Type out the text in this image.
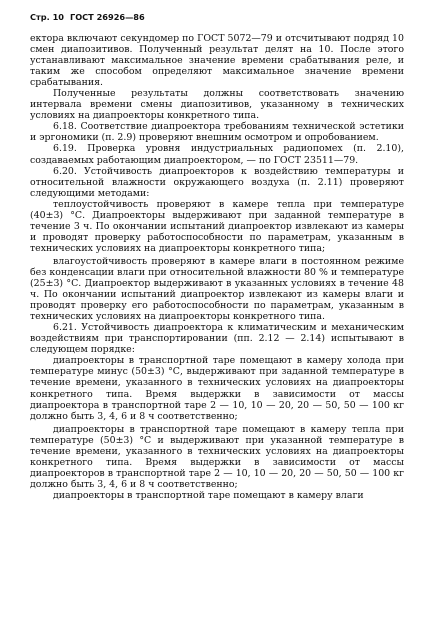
Стр. 10 ГОСТ 26926—86

ектора включают секундомер по ГОСТ 5072—79 и отсчитывают подряд 10 смен диапозитивов. Полученный результат делят на 10. После этого устанавливают максимальное значение времени срабатывания реле, и таким же способом определяют максимальное значение времени срабатывания.

Полученные результаты должны соответствовать значению интервала времени смены диапозитивов, указанному в технических условиях на диапроекторы конкретного типа.

6.18. Соответствие диапроектора требованиям технической эстетики и эргономики (п. 2.9) проверяют внешним осмотром и опробованием.

6.19. Проверка уровня индустриальных радиопомех (п. 2.10), создаваемых работающим диапроектором, — по ГОСТ 23511—79.

6.20. Устойчивость диапроекторов к воздействию температуры и относительной влажности окружающего воздуха (п. 2.11) проверяют следующими методами:

теплоустойчивость проверяют в камере тепла при температуре (40±3) °С. Диапроекторы выдерживают при заданной температуре в течение 3 ч. По окончании испытаний диапроектор извлекают из камеры и проводят проверку работоспособности по параметрам, указанным в технических условиях на диапроекторы конкретного типа;

влагоустойчивость проверяют в камере влаги в постоянном режиме без конденсации влаги при относительной влажности 80 % и температуре (25±3) °С. Диапроектор выдерживают в указанных условиях в течение 48 ч. По окончании испытаний диапроектор извлекают из камеры влаги и проводят проверку его работоспособности по параметрам, указанным в технических условиях на диапроекторы конкретного типа.

6.21. Устойчивость диапроектора к климатическим и механическим воздействиям при транспортировании (пп. 2.12 — 2.14) испытывают в следующем порядке:

диапроекторы в транспортной таре помещают в камеру холода при температуре минус (50±3) °С, выдерживают при заданной температуре в течение времени, указанного в технических условиях на диапроекторы конкретного типа. Время выдержки в зависимости от массы диапроектора в транспортной таре 2 — 10, 10 — 20, 20 — 50, 50 — 100 кг должно быть 3, 4, 6 и 8 ч соответственно;

диапроекторы в транспортной таре помещают в камеру тепла при температуре (50±3) °С и выдерживают при указанной температуре в течение времени, указанного в технических условиях на диапроекторы конкретного типа. Время выдержки в зависимости от массы диапроекторов в транспортной таре 2 — 10, 10 — 20, 20 — 50, 50 — 100 кг должно быть 3, 4, 6 и 8 ч соответственно;

диапроекторы в транспортной таре помещают в камеру влаги
